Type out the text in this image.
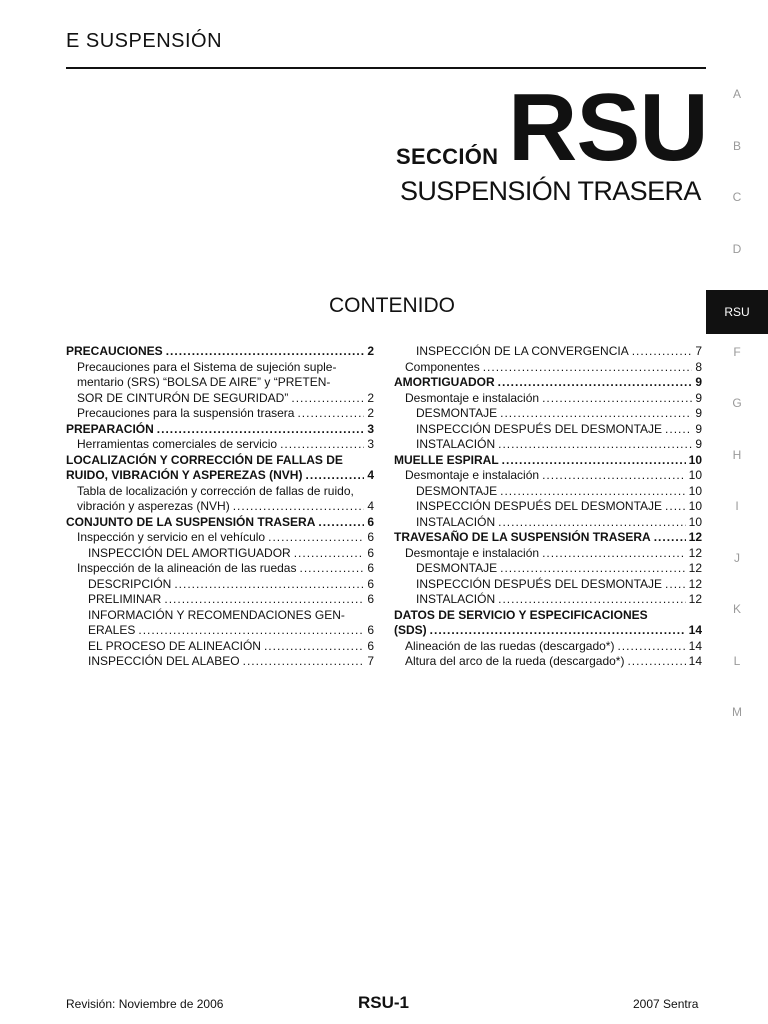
E SUSPENSIÓN
SECCIÓN RSU
SUSPENSIÓN TRASERA
CONTENIDO
PRECAUCIONES .....	2
Precauciones para el Sistema de sujeción suple-
mentario (SRS) “BOLSA DE AIRE” y “PRETEN-
SOR DE CINTURÓN DE SEGURIDAD” .....	2
Precauciones para la suspensión trasera .....	2
PREPARACIÓN .....	3
Herramientas comerciales de servicio .....	3
LOCALIZACIÓN Y CORRECCIÓN DE FALLAS DE
RUIDO, VIBRACIÓN Y ASPEREZAS (NVH) .....	4
Tabla de localización y corrección de fallas de ruido,
vibración y asperezas (NVH) .....	4
CONJUNTO DE LA SUSPENSIÓN TRASERA .....	6
Inspección y servicio en el vehículo .....	6
INSPECCIÓN DEL AMORTIGUADOR .....	6
Inspección de la alineación de las ruedas .....	6
DESCRIPCIÓN .....	6
PRELIMINAR .....	6
INFORMACIÓN Y RECOMENDACIONES GEN-
ERALES .....	6
EL PROCESO DE ALINEACIÓN .....	6
INSPECCIÓN DEL ALABEO .....	7
INSPECCIÓN DE LA CONVERGENCIA .....	7
Componentes .....	8
AMORTIGUADOR .....	9
Desmontaje e instalación .....	9
DESMONTAJE .....	9
INSPECCIÓN DESPUÉS DEL DESMONTAJE .....	9
INSTALACIÓN .....	9
MUELLE ESPIRAL .....	10
Desmontaje e instalación .....	10
DESMONTAJE .....	10
INSPECCIÓN DESPUÉS DEL DESMONTAJE ..... 10
INSTALACIÓN .....	10
TRAVESAÑO DE LA SUSPENSIÓN TRASERA .....	12
Desmontaje e instalación .....	12
DESMONTAJE .....	12
INSPECCIÓN DESPUÉS DEL DESMONTAJE ..... 12
INSTALACIÓN .....	12
DATOS DE SERVICIO Y ESPECIFICACIONES
(SDS) .....	14
Alineación de las ruedas (descargado*) .....	14
Altura del arco de la rueda (descargado*) .....	14
A
B
C
D
RSU
F
G
H
I
J
K
L
M
Revisión: Noviembre de 2006	RSU-1	2007 Sentra
